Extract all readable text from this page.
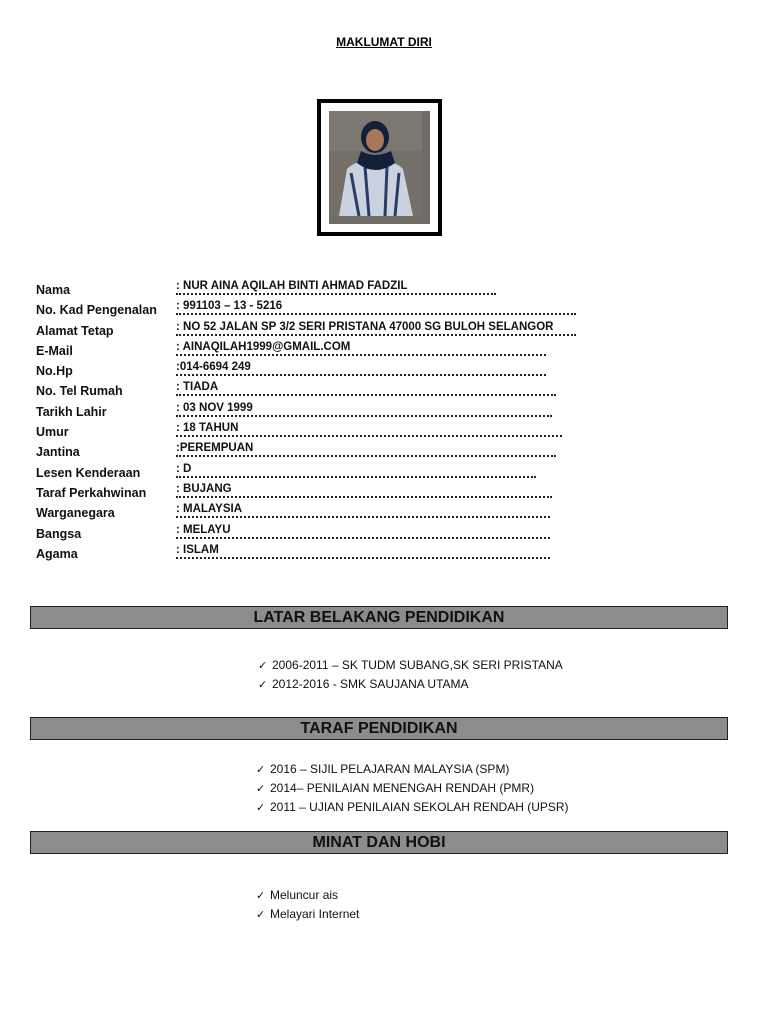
MAKLUMAT DIRI
Nama	: NUR AINA AQILAH BINTI AHMAD FADZIL
No. Kad Pengenalan : 991103 – 13 - 5216
Alamat Tetap	: NO 52 JALAN SP 3/2 SERI PRISTANA 47000 SG BULOH SELANGOR
E-Mail	: AINAQILAH1999@GMAIL.COM
No.Hp	:014-6694 249
No. Tel Rumah	: TIADA
Tarikh Lahir	: 03 NOV 1999
Umur	: 18 TAHUN
Jantina	:PEREMPUAN
Lesen Kenderaan	: D
Taraf Perkahwinan	: BUJANG
Warganegara	: MALAYSIA
Bangsa	: MELAYU
Agama	: ISLAM
LATAR BELAKANG PENDIDIKAN
✓ 2006-2011 – SK TUDM SUBANG,SK SERI PRISTANA
✓ 2012-2016 - SMK SAUJANA UTAMA
TARAF PENDIDIKAN
✓ 2016 – SIJIL PELAJARAN MALAYSIA (SPM)
✓ 2014– PENILAIAN MENENGAH RENDAH (PMR)
✓ 2011 – UJIAN PENILAIAN SEKOLAH RENDAH (UPSR)
MINAT DAN HOBI
✓ Meluncur ais
✓ Melayari Internet
